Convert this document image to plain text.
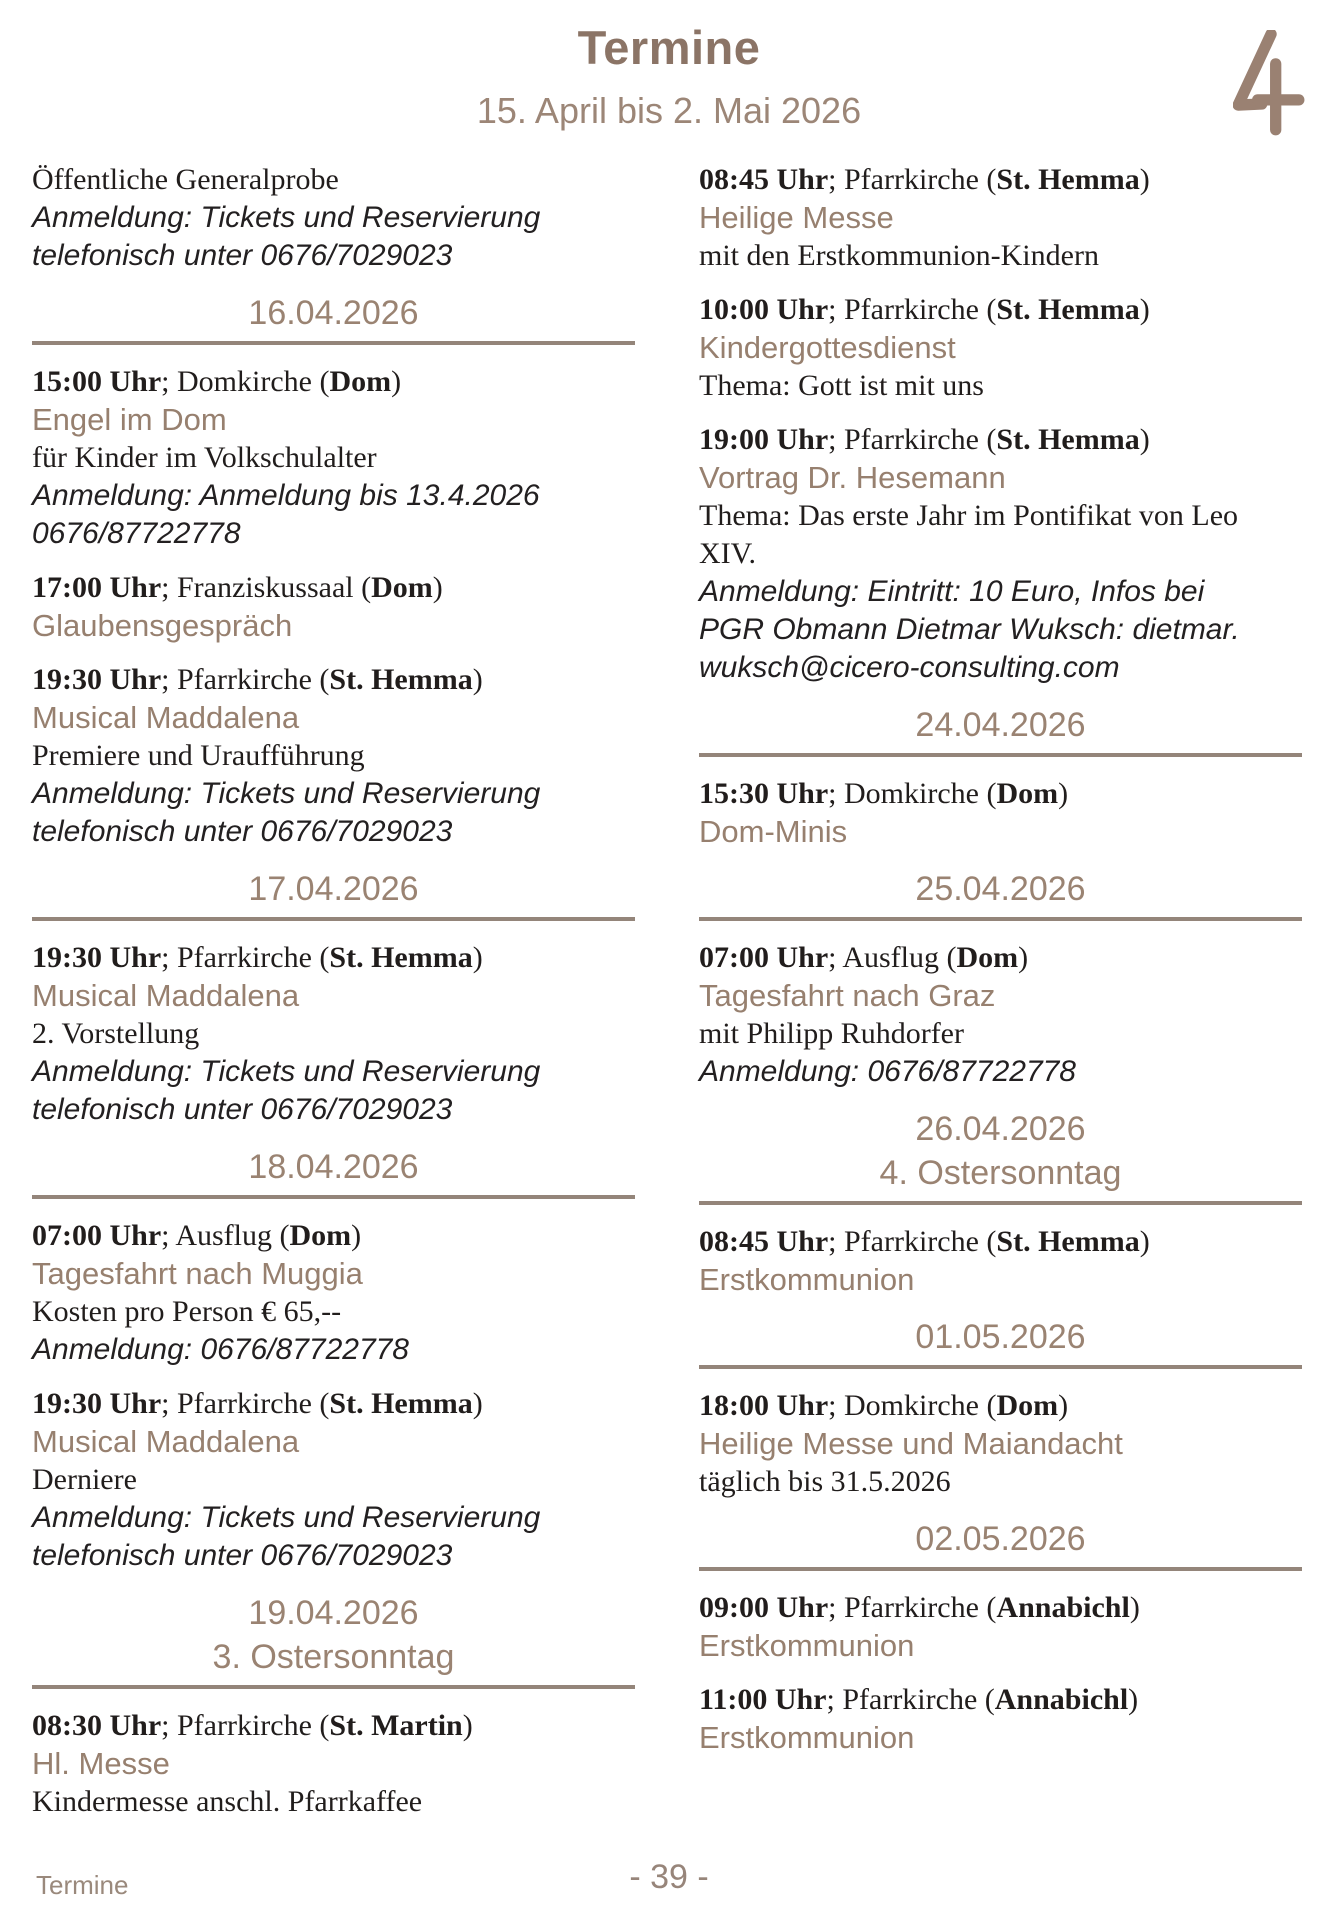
Termine
15. April bis 2. Mai 2026
Öffentliche Generalprobe
Anmeldung: Tickets und Reservierung
telefonisch unter 0676/7029023
16.04.2026
15:00 Uhr; Domkirche (Dom)
Engel im Dom
für Kinder im Volkschulalter
Anmeldung: Anmeldung bis 13.4.2026
0676/87722778
17:00 Uhr; Franziskussaal (Dom)
Glaubensgespräch
19:30 Uhr; Pfarrkirche (St. Hemma)
Musical Maddalena
Premiere und Uraufführung
Anmeldung: Tickets und Reservierung
telefonisch unter 0676/7029023
17.04.2026
19:30 Uhr; Pfarrkirche (St. Hemma)
Musical Maddalena
2. Vorstellung
Anmeldung: Tickets und Reservierung
telefonisch unter 0676/7029023
18.04.2026
07:00 Uhr; Ausflug (Dom)
Tagesfahrt nach Muggia
Kosten pro Person € 65,--
Anmeldung: 0676/87722778
19:30 Uhr; Pfarrkirche (St. Hemma)
Musical Maddalena
Derniere
Anmeldung: Tickets und Reservierung
telefonisch unter 0676/7029023
19.04.2026
3. Ostersonntag
08:30 Uhr; Pfarrkirche (St. Martin)
Hl. Messe
Kindermesse anschl. Pfarrkaffee
08:45 Uhr; Pfarrkirche (St. Hemma)
Heilige Messe
mit den Erstkommunion-Kindern
10:00 Uhr; Pfarrkirche (St. Hemma)
Kindergottesdienst
Thema: Gott ist mit uns
19:00 Uhr; Pfarrkirche (St. Hemma)
Vortrag Dr. Hesemann
Thema: Das erste Jahr im Pontifikat von Leo
XIV.
Anmeldung: Eintritt: 10 Euro, Infos bei
PGR Obmann Dietmar Wuksch: dietmar.
wuksch@cicero-consulting.com
24.04.2026
15:30 Uhr; Domkirche (Dom)
Dom-Minis
25.04.2026
07:00 Uhr; Ausflug (Dom)
Tagesfahrt nach Graz
mit Philipp Ruhdorfer
Anmeldung: 0676/87722778
26.04.2026
4. Ostersonntag
08:45 Uhr; Pfarrkirche (St. Hemma)
Erstkommunion
01.05.2026
18:00 Uhr; Domkirche (Dom)
Heilige Messe und Maiandacht
täglich bis 31.5.2026
02.05.2026
09:00 Uhr; Pfarrkirche (Annabichl)
Erstkommunion
11:00 Uhr; Pfarrkirche (Annabichl)
Erstkommunion
Termine	- 39 -
